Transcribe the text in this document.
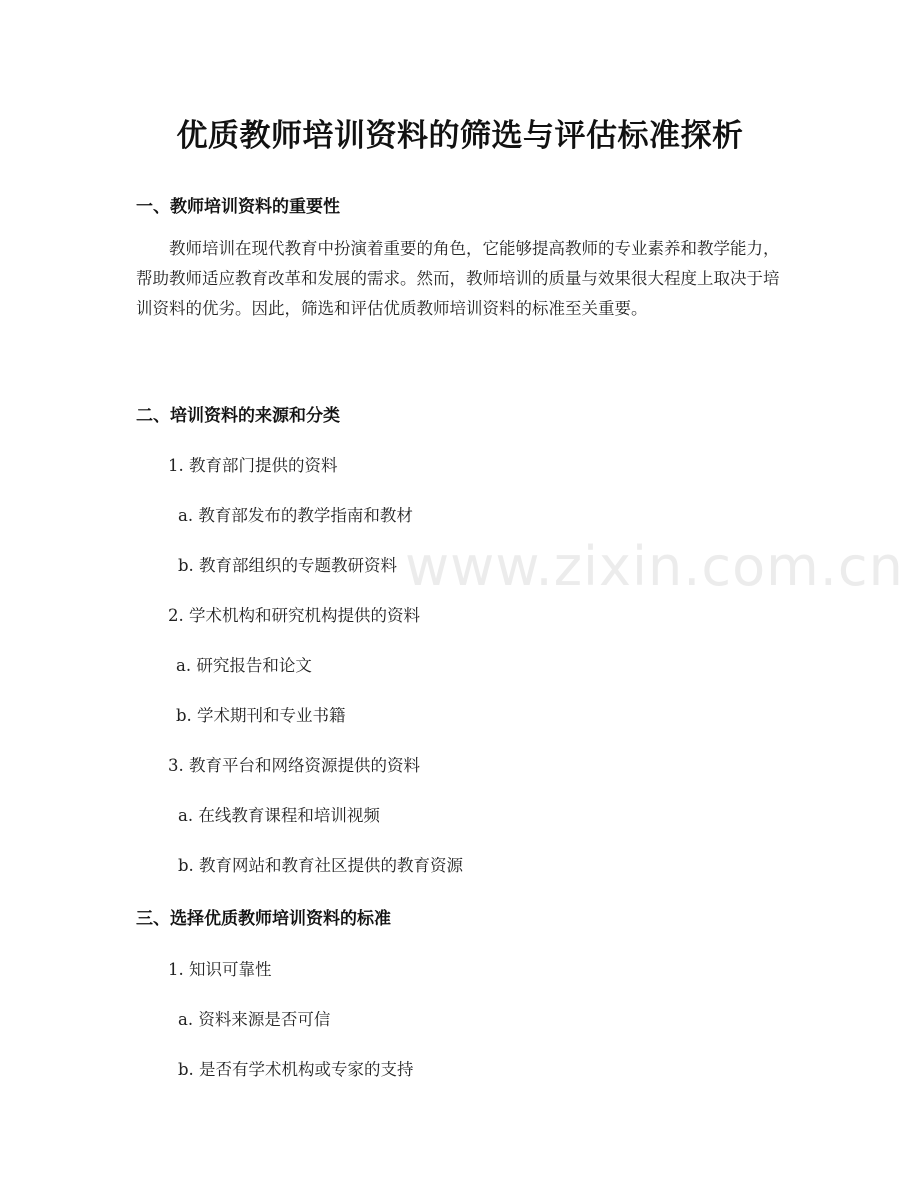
优质教师培训资料的筛选与评估标准探析
一、教师培训资料的重要性

教师培训在现代教育中扮演着重要的角色，它能够提高教师的专业素养和教学能力，帮助教师适应教育改革和发展的需求。然而，教师培训的质量与效果很大程度上取决于培训资料的优劣。因此，筛选和评估优质教师培训资料的标准至关重要。

二、培训资料的来源和分类

1. 教育部门提供的资料

a. 教育部发布的教学指南和教材

b. 教育部组织的专题教研资料

2. 学术机构和研究机构提供的资料

a. 研究报告和论文

b. 学术期刊和专业书籍

3. 教育平台和网络资源提供的资料

a. 在线教育课程和培训视频

b. 教育网站和教育社区提供的教育资源

三、选择优质教师培训资料的标准

1. 知识可靠性

a. 资料来源是否可信

b. 是否有学术机构或专家的支持

www.zixin.com.cn
